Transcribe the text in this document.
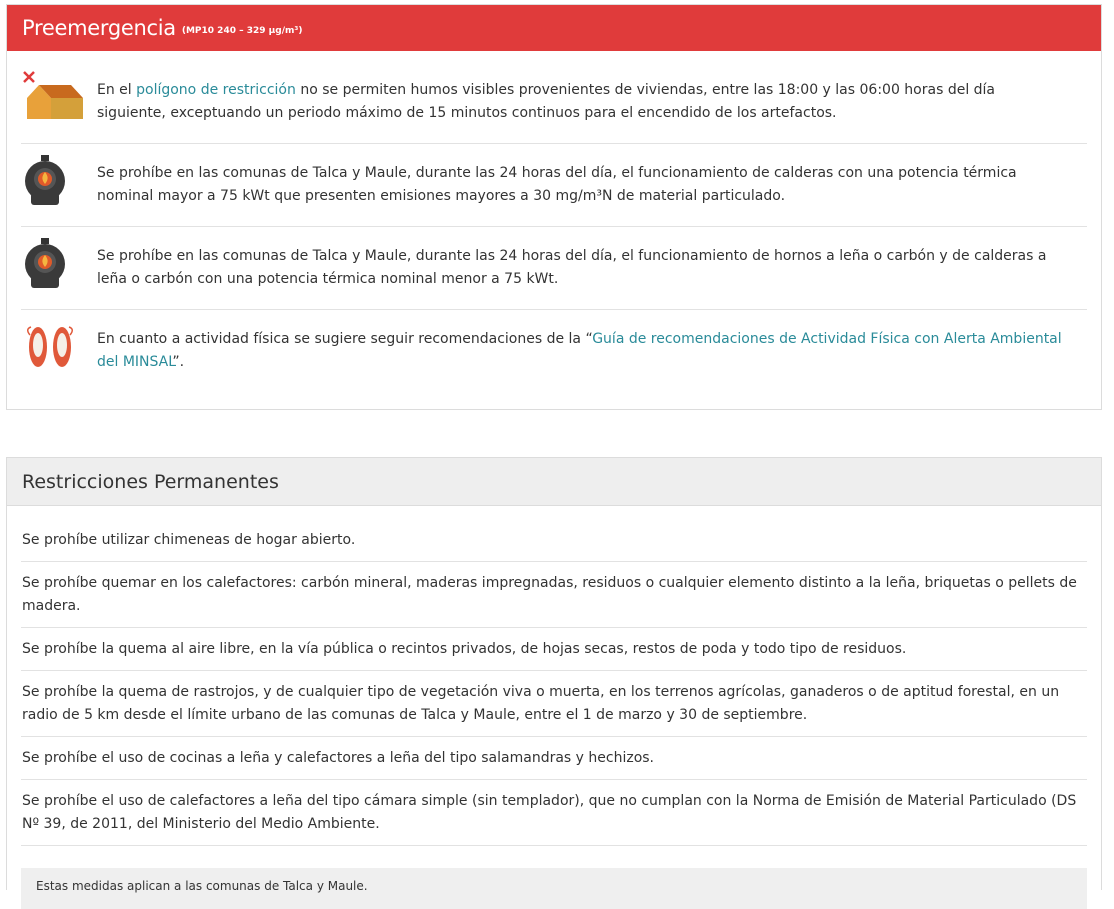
Preemergencia (MP10 240 – 329 µg/m³)
En el polígono de restricción no se permiten humos visibles provenientes de viviendas, entre las 18:00 y las 06:00 horas del día siguiente, exceptuando un periodo máximo de 15 minutos continuos para el encendido de los artefactos.
Se prohíbe en las comunas de Talca y Maule, durante las 24 horas del día, el funcionamiento de calderas con una potencia térmica nominal mayor a 75 kWt que presenten emisiones mayores a 30 mg/m³N de material particulado.
Se prohíbe en las comunas de Talca y Maule, durante las 24 horas del día, el funcionamiento de hornos a leña o carbón y de calderas a leña o carbón con una potencia térmica nominal menor a 75 kWt.
En cuanto a actividad física se sugiere seguir recomendaciones de la “Guía de recomendaciones de Actividad Física con Alerta Ambiental del MINSAL”.
Restricciones Permanentes
Se prohíbe utilizar chimeneas de hogar abierto.
Se prohíbe quemar en los calefactores: carbón mineral, maderas impregnadas, residuos o cualquier elemento distinto a la leña, briquetas o pellets de madera.
Se prohíbe la quema al aire libre, en la vía pública o recintos privados, de hojas secas, restos de poda y todo tipo de residuos.
Se prohíbe la quema de rastrojos, y de cualquier tipo de vegetación viva o muerta, en los terrenos agrícolas, ganaderos o de aptitud forestal, en un radio de 5 km desde el límite urbano de las comunas de Talca y Maule, entre el 1 de marzo y 30 de septiembre.
Se prohíbe el uso de cocinas a leña y calefactores a leña del tipo salamandras y hechizos.
Se prohíbe el uso de calefactores a leña del tipo cámara simple (sin templador), que no cumplan con la Norma de Emisión de Material Particulado (DS Nº 39, de 2011, del Ministerio del Medio Ambiente.
Estas medidas aplican a las comunas de Talca y Maule.
